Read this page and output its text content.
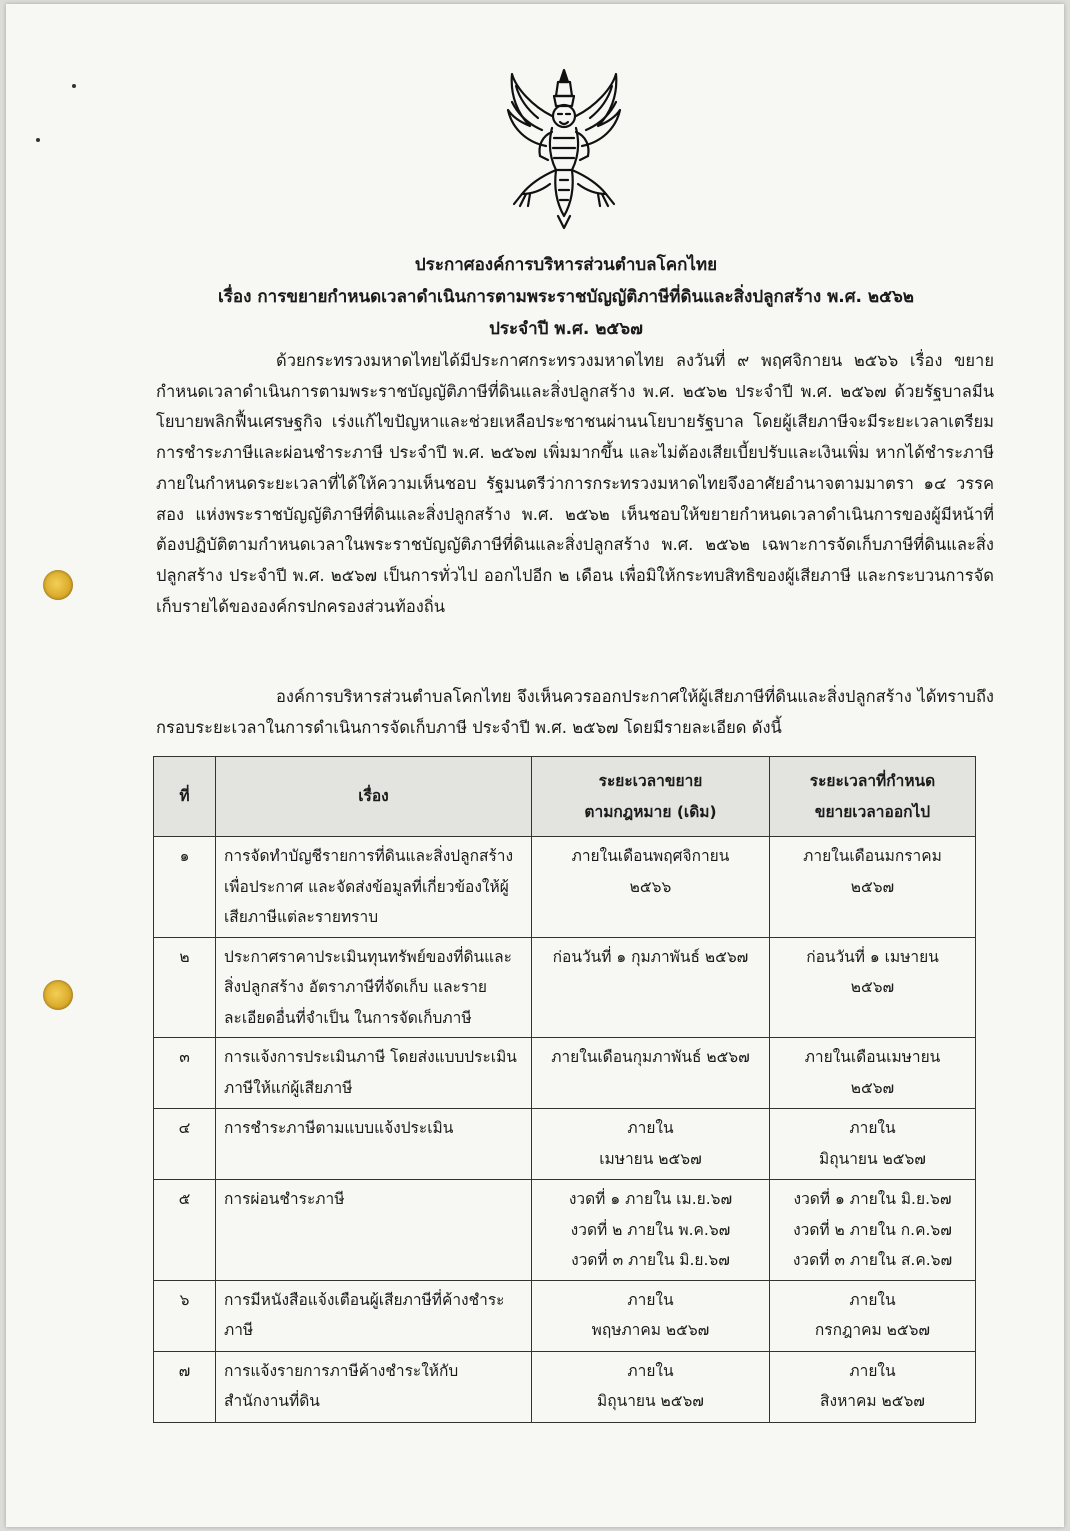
ประกาศองค์การบริหารส่วนตำบลโคกไทย
เรื่อง การขยายกำหนดเวลาดำเนินการตามพระราชบัญญัติภาษีที่ดินและสิ่งปลูกสร้าง พ.ศ. ๒๕๖๒
ประจำปี พ.ศ. ๒๕๖๗
ด้วยกระทรวงมหาดไทยได้มีประกาศกระทรวงมหาดไทย ลงวันที่ ๙ พฤศจิกายน ๒๕๖๖ เรื่อง ขยายกำหนดเวลาดำเนินการตามพระราชบัญญัติภาษีที่ดินและสิ่งปลูกสร้าง พ.ศ. ๒๕๖๒ ประจำปี พ.ศ. ๒๕๖๗ ด้วยรัฐบาลมีนโยบายพลิกฟื้นเศรษฐกิจ เร่งแก้ไขปัญหาและช่วยเหลือประชาชนผ่านนโยบายรัฐบาล โดยผู้เสียภาษีจะมีระยะเวลาเตรียมการชำระภาษีและผ่อนชำระภาษี ประจำปี พ.ศ. ๒๕๖๗ เพิ่มมากขึ้น และไม่ต้องเสียเบี้ยปรับและเงินเพิ่ม หากได้ชำระภาษีภายในกำหนดระยะเวลาที่ได้ให้ความเห็นชอบ รัฐมนตรีว่าการกระทรวงมหาดไทยจึงอาศัยอำนาจตามมาตรา ๑๔ วรรคสอง แห่งพระราชบัญญัติภาษีที่ดินและสิ่งปลูกสร้าง พ.ศ. ๒๕๖๒ เห็นชอบให้ขยายกำหนดเวลาดำเนินการของผู้มีหน้าที่ต้องปฏิบัติตามกำหนดเวลาในพระราชบัญญัติภาษีที่ดินและสิ่งปลูกสร้าง พ.ศ. ๒๕๖๒ เฉพาะการจัดเก็บภาษีที่ดินและสิ่งปลูกสร้าง ประจำปี พ.ศ. ๒๕๖๗ เป็นการทั่วไป ออกไปอีก ๒ เดือน เพื่อมิให้กระทบสิทธิของผู้เสียภาษี และกระบวนการจัดเก็บรายได้ขององค์กรปกครองส่วนท้องถิ่น
องค์การบริหารส่วนตำบลโคกไทย จึงเห็นควรออกประกาศให้ผู้เสียภาษีที่ดินและสิ่งปลูกสร้าง ได้ทราบถึงกรอบระยะเวลาในการดำเนินการจัดเก็บภาษี ประจำปี พ.ศ. ๒๕๖๗ โดยมีรายละเอียด ดังนี้
ที่	เรื่อง	ระยะเวลาขยาย
ตามกฎหมาย (เดิม)	ระยะเวลาที่กำหนด
ขยายเวลาออกไป

๑	การจัดทำบัญชีรายการที่ดินและสิ่งปลูกสร้างเพื่อประกาศ และจัดส่งข้อมูลที่เกี่ยวข้องให้ผู้เสียภาษีแต่ละรายทราบ	ภายในเดือนพฤศจิกายน
๒๕๖๖	ภายในเดือนมกราคม
๒๕๖๗

๒	ประกาศราคาประเมินทุนทรัพย์ของที่ดินและสิ่งปลูกสร้าง อัตราภาษีที่จัดเก็บ และรายละเอียดอื่นที่จำเป็น ในการจัดเก็บภาษี	ก่อนวันที่ ๑ กุมภาพันธ์ ๒๕๖๗	ก่อนวันที่ ๑ เมษายน
๒๕๖๗

๓	การแจ้งการประเมินภาษี โดยส่งแบบประเมินภาษีให้แก่ผู้เสียภาษี	ภายในเดือนกุมภาพันธ์ ๒๕๖๗	ภายในเดือนเมษายน
๒๕๖๗

๔	การชำระภาษีตามแบบแจ้งประเมิน	ภายใน
เมษายน ๒๕๖๗	ภายใน
มิถุนายน ๒๕๖๗

๕	การผ่อนชำระภาษี	งวดที่ ๑ ภายใน เม.ย.๖๗
งวดที่ ๒ ภายใน พ.ค.๖๗
งวดที่ ๓ ภายใน มิ.ย.๖๗	งวดที่ ๑ ภายใน มิ.ย.๖๗
งวดที่ ๒ ภายใน ก.ค.๖๗
งวดที่ ๓ ภายใน ส.ค.๖๗

๖	การมีหนังสือแจ้งเตือนผู้เสียภาษีที่ค้างชำระภาษี	ภายใน
พฤษภาคม ๒๕๖๗	ภายใน
กรกฎาคม ๒๕๖๗

๗	การแจ้งรายการภาษีค้างชำระให้กับสำนักงานที่ดิน	ภายใน
มิถุนายน ๒๕๖๗	ภายใน
สิงหาคม ๒๕๖๗
